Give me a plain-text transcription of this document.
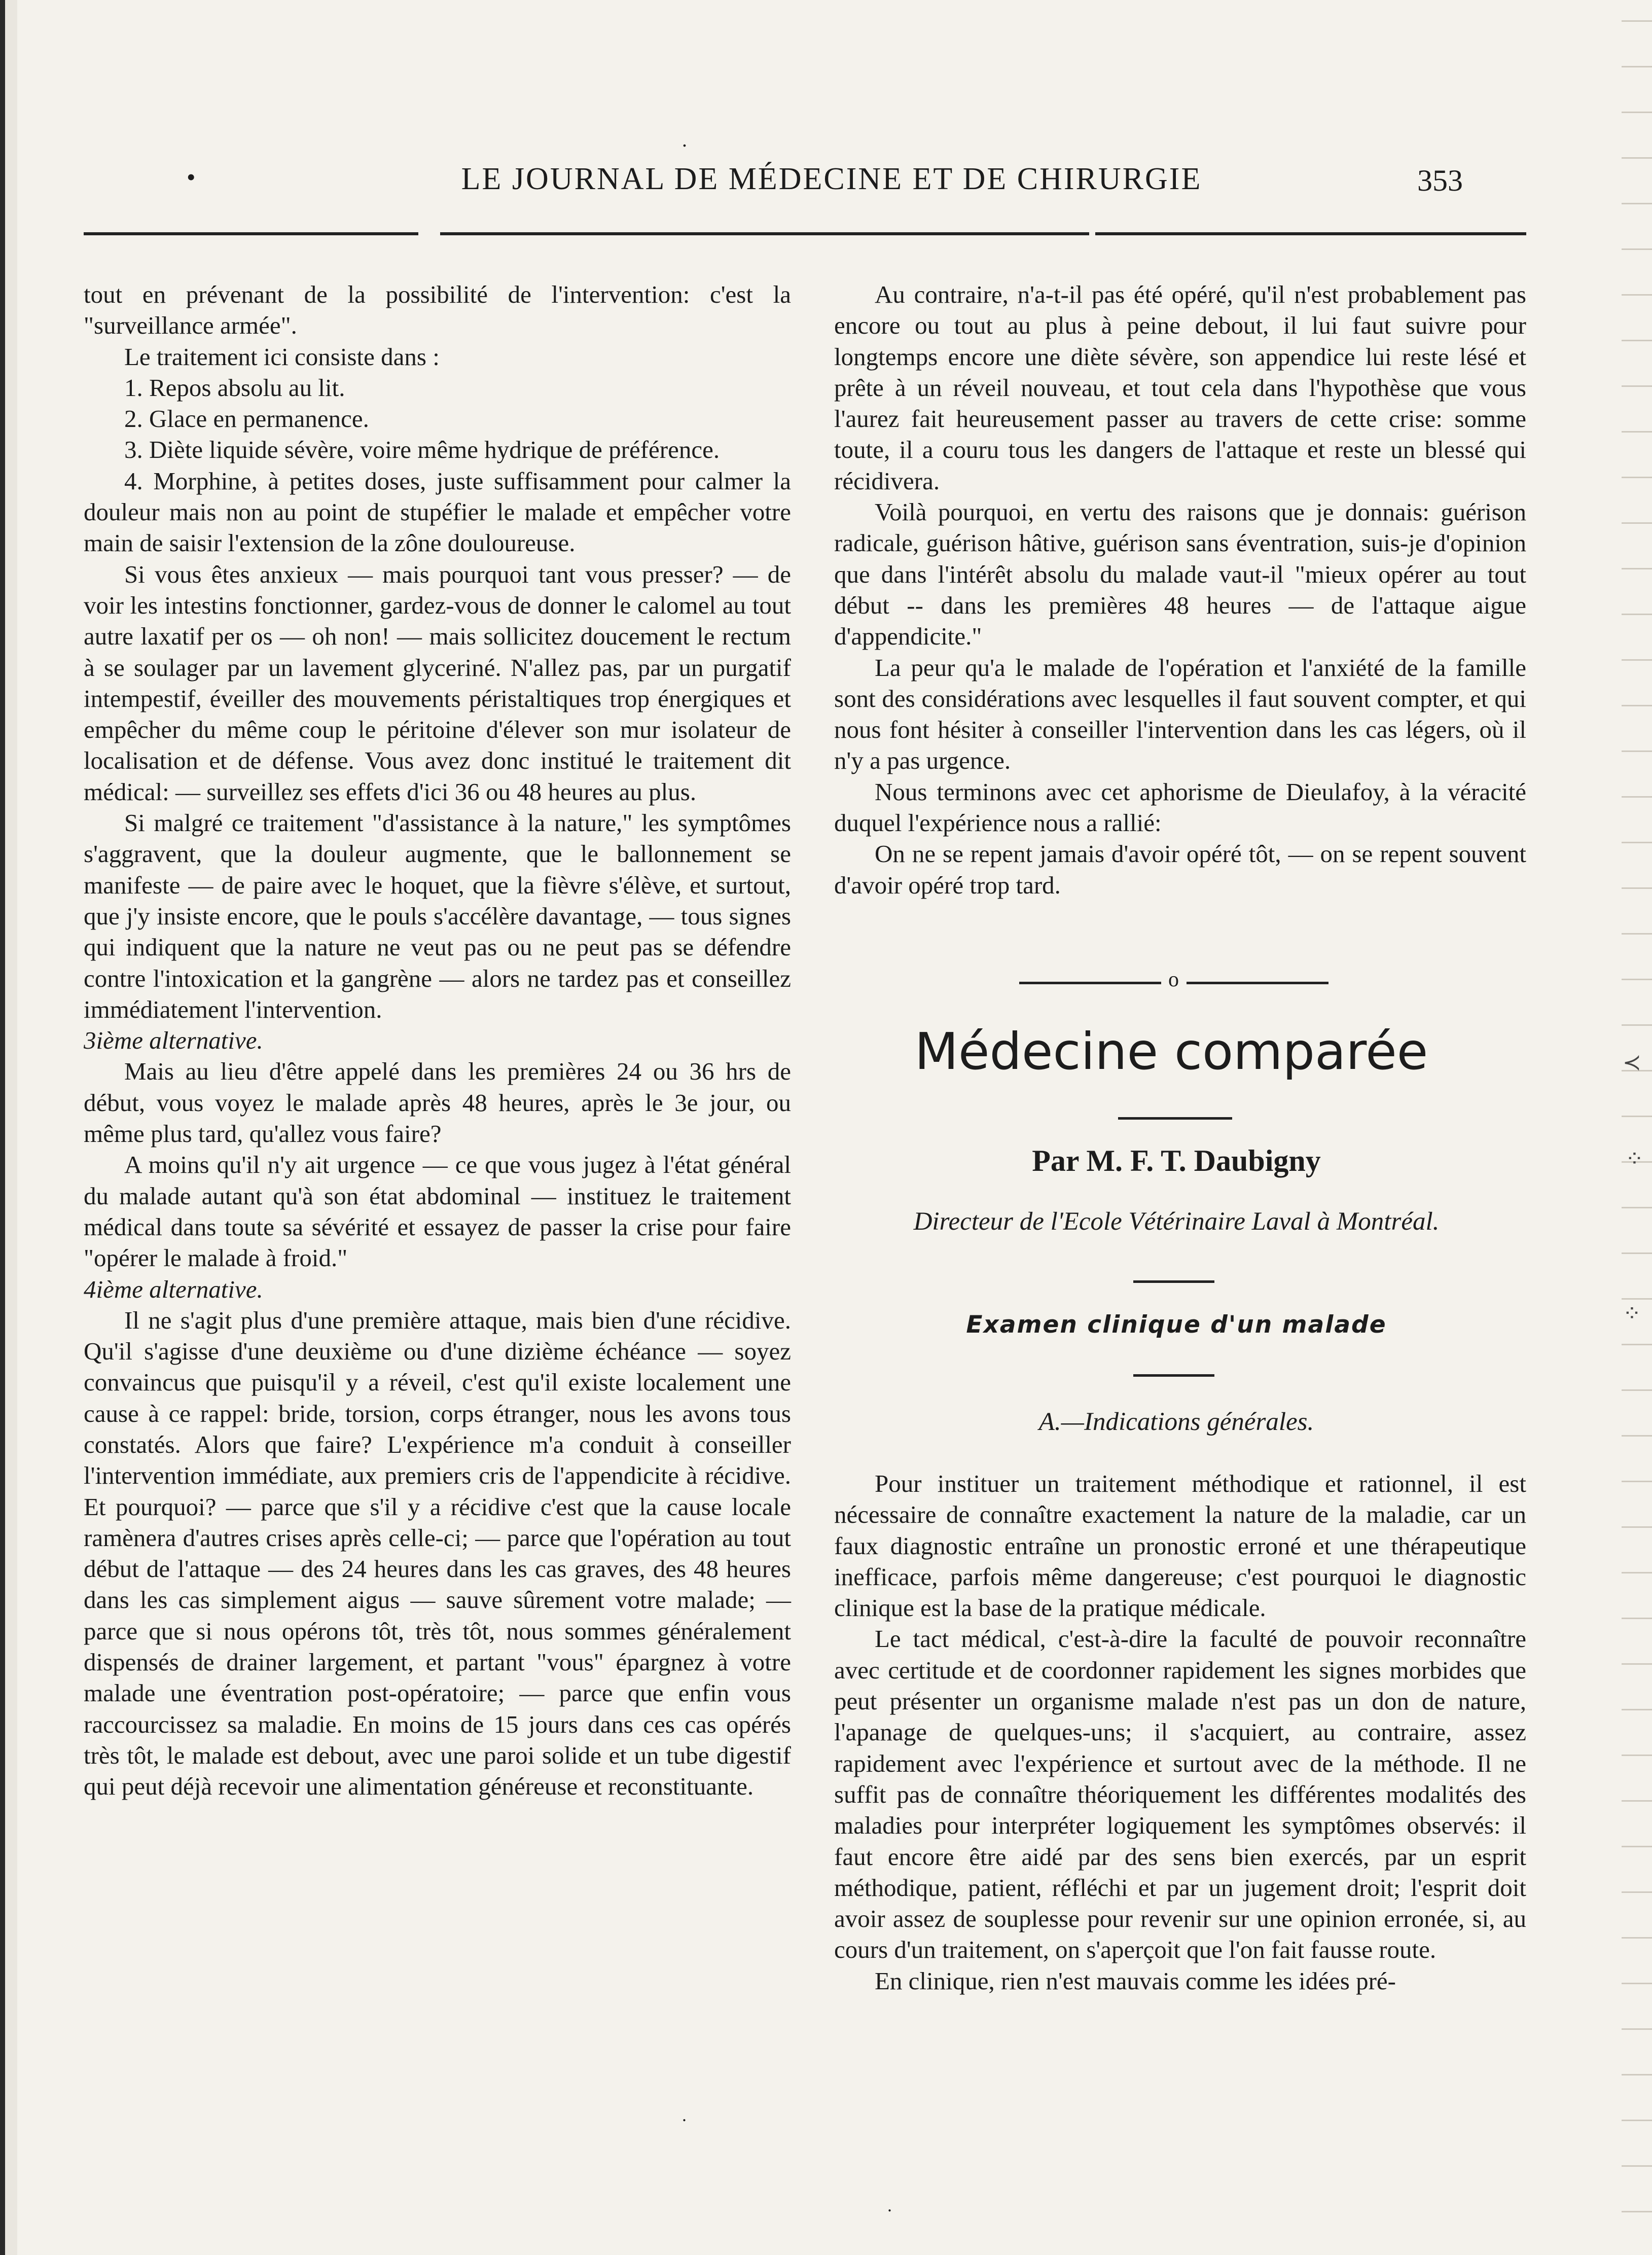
.
•	LE JOURNAL DE MÉDECINE ET DE CHIRURGIE	353

tout en prévenant de la possibilité de l'intervention: c'est la "surveillance armée".

Le traitement ici consiste dans :

1. Repos absolu au lit.

2. Glace en permanence.

3. Diète liquide sévère, voire même hydrique de préférence.

4. Morphine, à petites doses, juste suffisamment pour calmer la douleur mais non au point de stupéfier le malade et empêcher votre main de saisir l'extension de la zône douloureuse.

Si vous êtes anxieux — mais pourquoi tant vous presser? — de voir les intestins fonctionner, gardez-vous de donner le calomel au tout autre laxatif per os — oh non! — mais sollicitez doucement le rectum à se soulager par un lavement glyceriné. N'allez pas, par un purgatif intempestif, éveiller des mouvements péristaltiques trop énergiques et empêcher du même coup le péritoine d'élever son mur isolateur de localisation et de défense. Vous avez donc institué le traitement dit médical: — surveillez ses effets d'ici 36 ou 48 heures au plus.

Si malgré ce traitement "d'assistance à la nature," les symptômes s'aggravent, que la douleur augmente, que le ballonnement se manifeste — de paire avec le hoquet, que la fièvre s'élève, et surtout, que j'y insiste encore, que le pouls s'accélère davantage, — tous signes qui indiquent que la nature ne veut pas ou ne peut pas se défendre contre l'intoxication et la gangrène — alors ne tardez pas et conseillez immédiatement l'intervention.

3ième alternative.

Mais au lieu d'être appelé dans les premières 24 ou 36 hrs de début, vous voyez le malade après 48 heures, après le 3e jour, ou même plus tard, qu'allez vous faire?

A moins qu'il n'y ait urgence — ce que vous jugez à l'état général du malade autant qu'à son état abdominal — instituez le traitement médical dans toute sa sévérité et essayez de passer la crise pour faire "opérer le malade à froid."

4ième alternative.

Il ne s'agit plus d'une première attaque, mais bien d'une récidive. Qu'il s'agisse d'une deuxième ou d'une dizième échéance — soyez convaincus que puisqu'il y a réveil, c'est qu'il existe localement une cause à ce rappel: bride, torsion, corps étranger, nous les avons tous constatés. Alors que faire? L'expérience m'a conduit à conseiller l'intervention immédiate, aux premiers cris de l'appendicite à récidive. Et pourquoi? — parce que s'il y a récidive c'est que la cause locale ramènera d'autres crises après celle-ci; — parce que l'opération au tout début de l'attaque — des 24 heures dans les cas graves, des 48 heures dans les cas simplement aigus — sauve sûrement votre malade; — parce que si nous opérons tôt, très tôt, nous sommes généralement dispensés de drainer largement, et partant "vous" épargnez à votre malade une éventration post-opératoire; — parce que enfin vous raccourcissez sa maladie. En moins de 15 jours dans ces cas opérés très tôt, le malade est debout, avec une paroi solide et un tube digestif qui peut déjà recevoir une alimentation généreuse et reconstituante.

Au contraire, n'a-t-il pas été opéré, qu'il n'est probablement pas encore ou tout au plus à peine debout, il lui faut suivre pour longtemps encore une diète sévère, son appendice lui reste lésé et prête à un réveil nouveau, et tout cela dans l'hypothèse que vous l'aurez fait heureusement passer au travers de cette crise: somme toute, il a couru tous les dangers de l'attaque et reste un blessé qui récidivera.

Voilà pourquoi, en vertu des raisons que je donnais: guérison radicale, guérison hâtive, guérison sans éventration, suis-je d'opinion que dans l'intérêt absolu du malade vaut-il "mieux opérer au tout début -- dans les premières 48 heures — de l'attaque aigue d'appendicite."

La peur qu'a le malade de l'opération et l'anxiété de la famille sont des considérations avec lesquelles il faut souvent compter, et qui nous font hésiter à conseiller l'intervention dans les cas légers, où il n'y a pas urgence.

Nous terminons avec cet aphorisme de Dieulafoy, à la véracité duquel l'expérience nous a rallié:

On ne se repent jamais d'avoir opéré tôt, — on se repent souvent d'avoir opéré trop tard.

o
Médecine comparée
Par M. F. T. Daubigny
Directeur de l'Ecole Vétérinaire Laval à Montréal.
Examen clinique d'un malade
A.—Indications générales.

Pour instituer un traitement méthodique et rationnel, il est nécessaire de connaître exactement la nature de la maladie, car un faux diagnostic entraîne un pronostic erroné et une thérapeutique inefficace, parfois même dangereuse; c'est pourquoi le diagnostic clinique est la base de la pratique médicale.

Le tact médical, c'est-à-dire la faculté de pouvoir reconnaître avec certitude et de coordonner rapidement les signes morbides que peut présenter un organisme malade n'est pas un don de nature, l'apanage de quelques-uns; il s'acquiert, au contraire, assez rapidement avec l'expérience et surtout avec de la méthode. Il ne suffit pas de connaître théoriquement les différentes modalités des maladies pour interpréter logiquement les symptômes observés: il faut encore être aidé par des sens bien exercés, par un esprit méthodique, patient, réfléchi et par un jugement droit; l'esprit doit avoir assez de souplesse pour revenir sur une opinion erronée, si, au cours d'un traitement, on s'aperçoit que l'on fait fausse route.

En clinique, rien n'est mauvais comme les idées pré-

.
.
≺
⁘
⁘
